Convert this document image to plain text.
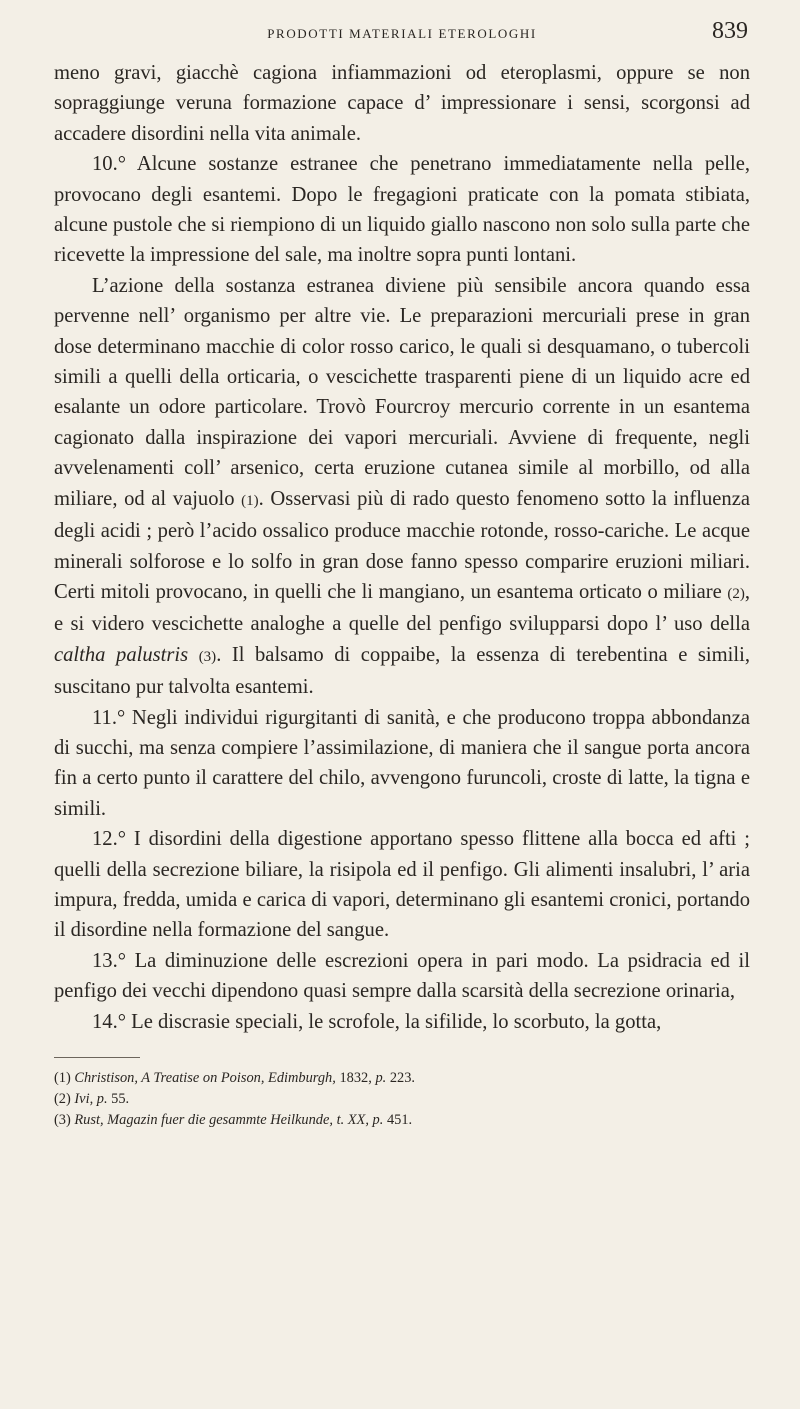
PRODOTTI MATERIALI ETEROLOGHI	839

meno gravi, giacchè cagiona infiammazioni od eteroplasmi, oppure se non sopraggiunge veruna formazione capace d’ impressionare i sensi, scorgonsi ad accadere disordini nella vita animale.

10.° Alcune sostanze estranee che penetrano immediatamente nella pelle, provocano degli esantemi. Dopo le fregagioni praticate con la pomata stibiata, alcune pustole che si riempiono di un liquido giallo nascono non solo sulla parte che ricevette la impressione del sale, ma inoltre sopra punti lontani.

L’azione della sostanza estranea diviene più sensibile ancora quando essa pervenne nell’ organismo per altre vie. Le preparazioni mercuriali prese in gran dose determinano macchie di color rosso carico, le quali si desquamano, o tubercoli simili a quelli della orticaria, o vescichette trasparenti piene di un liquido acre ed esalante un odore particolare. Trovò Fourcroy mercurio corrente in un esantema cagionato dalla inspirazione dei vapori mercuriali. Avviene di frequente, negli avvelenamenti coll’ arsenico, certa eruzione cutanea simile al morbillo, od alla miliare, od al vajuolo (1). Osservasi più di rado questo fenomeno sotto la influenza degli acidi ; però l’acido ossalico produce macchie rotonde, rosso-cariche. Le acque minerali solforose e lo solfo in gran dose fanno spesso comparire eruzioni miliari. Certi mitoli provocano, in quelli che li mangiano, un esantema orticato o miliare (2), e si videro vescichette analoghe a quelle del penfigo svilupparsi dopo l’ uso della caltha palustris (3). Il balsamo di coppaibe, la essenza di terebentina e simili, suscitano pur talvolta esantemi.

11.° Negli individui rigurgitanti di sanità, e che producono troppa abbondanza di succhi, ma senza compiere l’assimilazione, di maniera che il sangue porta ancora fin a certo punto il carattere del chilo, avvengono furuncoli, croste di latte, la tigna e simili.

12.° I disordini della digestione apportano spesso flittene alla bocca ed afti ; quelli della secrezione biliare, la risipola ed il penfigo. Gli alimenti insalubri, l’ aria impura, fredda, umida e carica di vapori, determinano gli esantemi cronici, portando il disordine nella formazione del sangue.

13.° La diminuzione delle escrezioni opera in pari modo. La psidracia ed il penfigo dei vecchi dipendono quasi sempre dalla scarsità della secrezione orinaria,

14.° Le discrasie speciali, le scrofole, la sifilide, lo scorbuto, la gotta,

(1) Christison, A Treatise on Poison, Edimburgh, 1832, p. 223.
(2) Ivi, p. 55.
(3) Rust, Magazin fuer die gesammte Heilkunde, t. XX, p. 451.
